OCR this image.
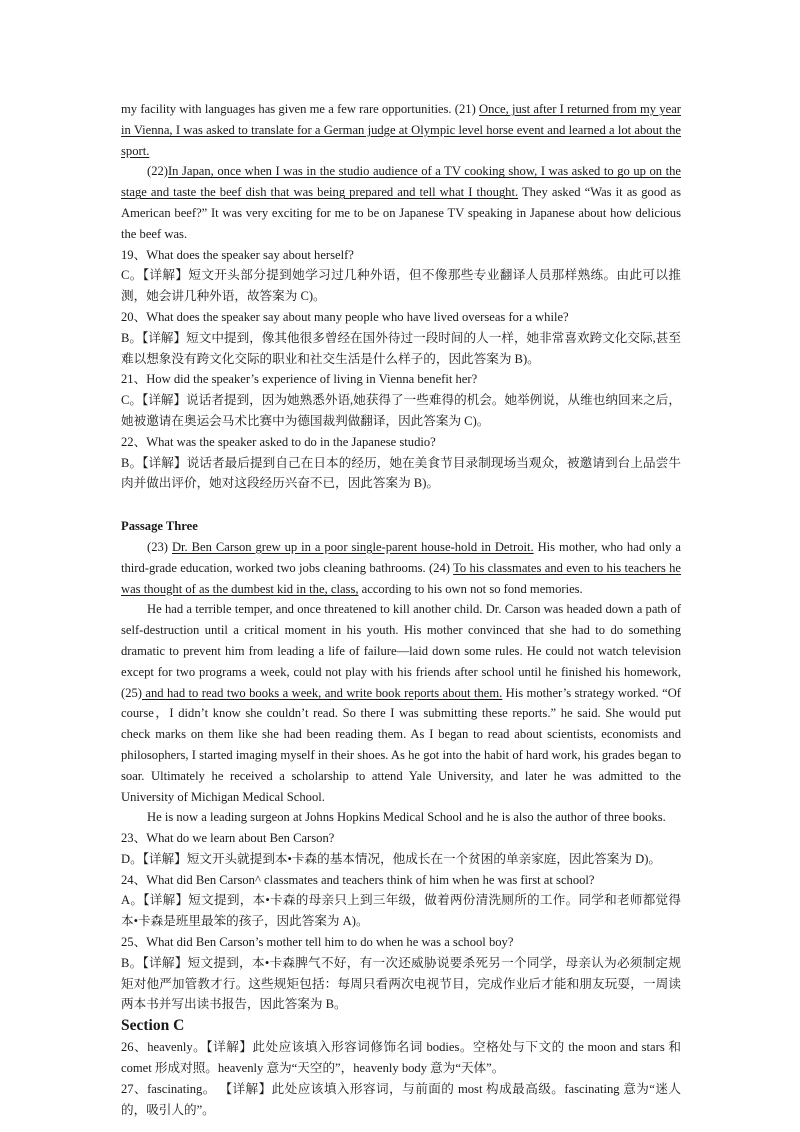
my facility with languages has given me a few rare opportunities. (21) Once, just after I returned from my year in Vienna, I was asked to translate for a German judge at Olympic level horse event and learned a lot about the sport.

(22)In Japan, once when I was in the studio audience of a TV cooking show, I was asked to go up on the stage and taste the beef dish that was being prepared and tell what I thought. They asked “Was it as good as American beef?” It was very exciting for me to be on Japanese TV speaking in Japanese about how delicious the beef was.

19、What does the speaker say about herself?

C。【详解】短文开头部分提到她学习过几种外语，但不像那些专业翻译人员那样熟练。由此可以推测，她会讲几种外语，故答案为 C)。

20、What does the speaker say about many people who have lived overseas for a while?

B。【详解】短文中提到，像其他很多曾经在国外待过一段时间的人一样，她非常喜欢跨文化交际,甚至难以想象没有跨文化交际的职业和社交生活是什么样子的，因此答案为 B)。

21、How did the speaker’s experience of living in Vienna benefit her?

C。【详解】说话者提到，因为她熟悉外语,她获得了一些难得的机会。她举例说，从维也纳回来之后，她被邀请在奥运会马术比赛中为德国裁判做翻译，因此答案为 C)。

22、What was the speaker asked to do in the Japanese studio?

B。【详解】说话者最后提到自己在日本的经历，她在美食节目录制现场当观众，被邀请到台上品尝牛肉并做出评价，她对这段经历兴奋不已，因此答案为 B)。

Passage Three

(23) Dr. Ben Carson grew up in a poor single-parent house-hold in Detroit. His mother, who had only a third-grade education, worked two jobs cleaning bathrooms. (24) To his classmates and even to his teachers he was thought of as the dumbest kid in the, class, according to his own not so fond memories.

He had a terrible temper, and once threatened to kill another child. Dr. Carson was headed down a path of self-destruction until a critical moment in his youth. His mother convinced that she had to do something dramatic to prevent him from leading a life of failure—laid down some rules. He could not watch television except for two programs a week, could not play with his friends after school until he finished his homework, (25) and had to read two books a week, and write book reports about them. His mother’s strategy worked. “Of course，I didn’t know she couldn’t read. So there I was submitting these reports.” he said. She would put check marks on them like she had been reading them. As I began to read about scientists, economists and philosophers, I started imaging myself in their shoes. As he got into the habit of hard work, his grades began to soar. Ultimately he received a scholarship to attend Yale University, and later he was admitted to the University of Michigan Medical School.

He is now a leading surgeon at Johns Hopkins Medical School and he is also the author of three books.

23、What do we learn about Ben Carson?

D。【详解】短文开头就提到本•卡森的基本情况，他成长在一个贫困的单亲家庭，因此答案为 D)。

24、What did Ben Carson^ classmates and teachers think of him when he was first at school?

A。【详解】短文提到，本•卡森的母亲只上到三年级，做着两份清洗厕所的工作。同学和老师都觉得本•卡森是班里最笨的孩子，因此答案为 A)。

25、What did Ben Carson’s mother tell him to do when he was a school boy?

B。【详解】短文提到，本•卡森脾气不好，有一次还威胁说要杀死另一个同学，母亲认为必须制定规矩对他严加管教才行。这些规矩包括：每周只看两次电视节目，完成作业后才能和朋友玩耍，一周读两本书并写出读书报告，因此答案为 B。

Section C

26、heavenly。【详解】此处应该填入形容词修饰名词 bodies。空格处与下文的 the moon and stars 和 comet 形成对照。heavenly 意为“天空的”，heavenly body 意为“天体”。

27、fascinating。 【详解】此处应该填入形容词，与前面的 most 构成最高级。fascinating 意为“迷人的，吸引人的”。
